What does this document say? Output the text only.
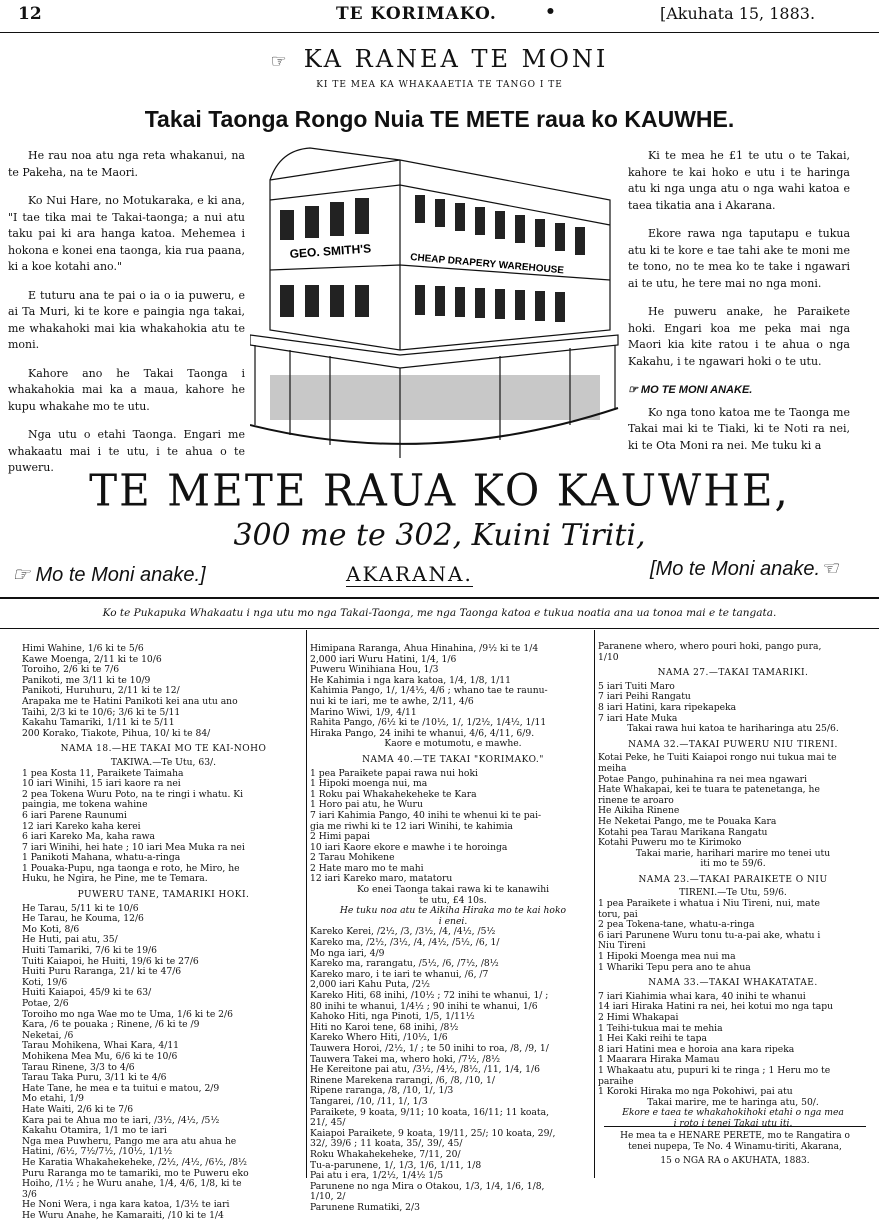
12	TE KORIMAKO.	•	[Akuhata 15, 1883.
☞ KA RANEA TE MONI
KI TE MEA KA WHAKAAETIA TE TANGO I TE
Takai Taonga Rongo Nuia TE METE raua ko KAUWHE.

He rau noa atu nga reta whakanui, na te Pakeha, na te Maori.

Ko Nui Hare, no Motukaraka, e ki ana, "I tae tika mai te Takai-taonga; a nui atu taku pai ki ara hanga katoa. Mehemea i hokona e konei ena taonga, kia rua paana, ki a koe kotahi ano."

E tuturu ana te pai o ia o ia puweru, e ai Ta Muri, ki te kore e paingia nga takai, me whakahoki mai kia whakahokia atu te moni.

Kahore ano he Takai Taonga i whakahokia mai ka a maua, kahore he kupu whakahe mo te utu.

Nga utu o etahi Taonga. Engari me whakaatu mai i te utu, i te ahua o te puweru.

GEO. SMITH'S
CHEAP DRAPERY WAREHOUSE

Ki te mea he £1 te utu o te Takai, kahore te kai hoko e utu i te haringa atu ki nga unga atu o nga wahi katoa e taea tikatia ana i Akarana.

Ekore rawa nga taputapu e tukua atu ki te kore e tae tahi ake te moni me te tono, no te mea ko te take i ngawari ai te utu, he tere mai no nga moni.

He puweru anake, he Paraikete hoki. Engari koa me peka mai nga Maori kia kite ratou i te ahua o nga Kakahu, i te ngawari hoki o te utu.

☞ MO TE MONI ANAKE.

Ko nga tono katoa me te Taonga me Takai mai ki te Tiaki, ki te Noti ra nei, ki te Ota Moni ra nei. Me tuku ki a

TE METE RAUA KO KAUWHE,
300 me te 302, Kuini Tiriti,
☞ Mo te Moni anake.]	AKARANA.	[Mo te Moni anake.☜
Ko te Pukapuka Whakaatu i nga utu mo nga Takai-Taonga, me nga Taonga katoa e tukua noatia ana ua tonoa mai e te tangata.
Himi Wahine, 1/6 ki te 5/6
Kawe Moenga, 2/11 ki te 10/6
Toroiho, 2/6 ki te 7/6
Panikoti, me 3/11 ki te 10/9
Panikoti, Huruhuru, 2/11 ki te 12/
Arapaka me te Hatini Panikoti kei ana utu ano
Taihi, 2/3 ki te 10/6; 3/6 ki te 5/11
Kakahu Tamariki, 1/11 ki te 5/11
200 Korako, Tiakote, Pihua, 10/ ki te 84/
NAMA 18.—HE TAKAI MO TE KAI-NOHO
TAKIWA.—Te Utu, 63/.
1 pea Kosta 11, Paraikete Taimaha
10 iari Winihi, 15 iari kaore ra nei
2 pea Tokena Wuru Poto, na te ringi i whatu. Ki
paingia, me tokena wahine
6 iari Parene Raunumi
12 iari Kareko kaha kerei
6 iari Kareko Ma, kaha rawa
7 iari Winihi, hei hate ; 10 iari Mea Muka ra nei
1 Panikoti Mahana, whatu-a-ringa
1 Pouaka-Pupu, nga taonga e roto, he Miro, he
Huku, he Ngira, he Pine, me te Temara.
PUWERU TANE, TAMARIKI HOKI.
He Tarau, 5/11 ki te 10/6
He Tarau, he Kouma, 12/6
Mo Koti, 8/6
He Huti, pai atu, 35/
Huiti Tamariki, 7/6 ki te 19/6
Tuiti Kaiapoi, he Huiti, 19/6 ki te 27/6
Huiti Puru Raranga, 21/ ki te 47/6
Koti, 19/6
Huiti Kaiapoi, 45/9 ki te 63/
Potae, 2/6
Toroiho mo nga Wae mo te Uma, 1/6 ki te 2/6
Kara, /6 te pouaka ; Rinene, /6 ki te /9
Neketai, /6
Tarau Mohikena, Whai Kara, 4/11
Mohikena Mea Mu, 6/6 ki te 10/6
Tarau Rinene, 3/3 to 4/6
Tarau Taka Puru, 3/11 ki te 4/6
Hate Tane, he mea e ta tuitui e matou, 2/9
Mo etahi, 1/9
Hate Waiti, 2/6 ki te 7/6
Kara pai te Ahua mo te iari, /3½, /4½, /5½
Kakahu Otamira, 1/1 mo te iari
Nga mea Puwheru, Pango me ara atu ahua he
Hatini, /6½, 7½/7½, /10½, 1/1½
He Karatia Whakahekeheke, /2½, /4½, /6½, /8½
Puru Raranga mo te tamariki, mo te Puweru eko
Hoiho, /1½ ; he Wuru anahe, 1/4, 4/6, 1/8, ki te
3/6
He Noni Wera, i nga kara katoa, 1/3½ te iari
He Wuru Anahe, he Kamaraiti, /10 ki te 1/4
Himipana Raranga, Ahua Hinahina, /9½ ki te 1/4
2,000 iari Wuru Hatini, 1/4, 1/6
Puweru Winihiana Hou, 1/3
He Kahimia i nga kara katoa, 1/4, 1/8, 1/11
Kahimia Pango, 1/, 1/4½, 4/6 ; whano tae te raunu-
nui ki te iari, me te awhe, 2/11, 4/6
Marino Wiwi, 1/9, 4/11
Rahita Pango, /6½ ki te /10½, 1/, 1/2½, 1/4½, 1/11
Hiraka Pango, 24 inihi te whanui, 4/6, 4/11, 6/9.
Kaore e motumotu, e mawhe.
NAMA 40.—TE TAKAI "KORIMAKO."
1 pea Paraikete papai rawa nui hoki
1 Hipoki moenga nui, ma
1 Roku pai Whakahekeheke te Kara
1 Horo pai atu, he Wuru
7 iari Kahimia Pango, 40 inihi te whenui ki te pai-
gia me riwhi ki te 12 iari Winihi, te kahimia
2 Himi papai
10 iari Kaore ekore e mawhe i te horoinga
2 Tarau Mohikene
2 Hate maro mo te mahi
12 iari Kareko maro, matatoru
Ko enei Taonga takai rawa ki te kanawihi
te utu, £4 10s.
He tuku noa atu te Aikiha Hiraka mo te kai hoko
i enei.
Kareko Kerei, /2½, /3, /3½, /4, /4½, /5½
Kareko ma, /2½, /3½, /4, /4½, /5½, /6, 1/
Mo nga iari, 4/9
Kareko ma, rarangatu, /5½, /6, /7½, /8½
Kareko maro, i te iari te whanui, /6, /7
2,000 iari Kahu Puta, /2½
Kareko Hiti, 68 inihi, /10½ ; 72 inihi te whanui, 1/ ;
80 inihi te whanui, 1/4½ ; 90 inihi te whanui, 1/6
Kahoko Hiti, nga Pinoti, 1/5, 1/11½
Hiti no Karoi tene, 68 inihi, /8½
Kareko Whero Hiti, /10½, 1/6
Tauwera Horoi, /2½, 1/ ; te 50 inihi to roa, /8, /9, 1/
Tauwera Takei ma, whero hoki, /7½, /8½
He Kereitone pai atu, /3½, /4½, /8½, /11, 1/4, 1/6
Rinene Marekena rarangi, /6, /8, /10, 1/
Ripene raranga, /8, /10, 1/, 1/3
Tangarei, /10, /11, 1/, 1/3
Paraikete, 9 koata, 9/11; 10 koata, 16/11; 11 koata,
21/, 45/
Kaiapoi Paraikete, 9 koata, 19/11, 25/; 10 koata, 29/,
32/, 39/6 ; 11 koata, 35/, 39/, 45/
Roku Whakahekeheke, 7/11, 20/
Tu-a-parunene, 1/, 1/3, 1/6, 1/11, 1/8
Pai atu i era, 1/2½, 1/4½ 1/5
Parunene no nga Mira o Otakou, 1/3, 1/4, 1/6, 1/8,
1/10, 2/
Parunene Rumatiki, 2/3
Paranene whero, whero pouri hoki, pango pura,
1/10
NAMA 27.—TAKAI TAMARIKI.
5 iari Tuiti Maro
7 iari Peihi Rangatu
8 iari Hatini, kara ripekapeka
7 iari Hate Muka
Takai rawa hui katoa te hariharinga atu 25/6.
NAMA 32.—TAKAI PUWERU NIU TIRENI.
Kotai Peke, he Tuiti Kaiapoi rongo nui tukua mai te
meiha
Potae Pango, puhinahina ra nei mea ngawari
Hate Whakapai, kei te tuara te patenetanga, he
rinene te aroaro
He Aikiha Rinene
He Neketai Pango, me te Pouaka Kara
Kotahi pea Tarau Marikana Rangatu
Kotahi Puweru mo te Kirimoko
Takai marie, harihari marire mo tenei utu
iti mo te 59/6.
NAMA 23.—TAKAI PARAIKETE O NIU
TIRENI.—Te Utu, 59/6.
1 pea Paraikete i whatua i Niu Tireni, nui, mate
toru, pai
2 pea Tokena-tane, whatu-a-ringa
6 iari Parunene Wuru tonu tu-a-pai ake, whatu i
Niu Tireni
1 Hipoki Moenga mea nui ma
1 Whariki Tepu pera ano te ahua
NAMA 33.—TAKAI WHAKATATAE.
7 iari Kiahimia whai kara, 40 inihi te whanui
14 iari Hiraka Hatini ra nei, hei kotui mo nga tapu
2 Himi Whakapai
1 Teihi-tukua mai te mehia
1 Hei Kaki reihi te tapa
8 iari Hatini mea e horoia ana kara ripeka
1 Maarara Hiraka Mamau
1 Whakaatu atu, pupuri ki te ringa ; 1 Heru mo te
paraihe
1 Koroki Hiraka mo nga Pokohiwi, pai atu
Takai marire, me te haringa atu, 50/.
Ekore e taea te whakahokihoki etahi o nga mea
i roto i tenei Takai utu iti.
He mea ta e HENARE PERETE, mo te Rangatira o
tenei nupepa, Te No. 4 Winamu-tiriti, Akarana,
15 o NGA RA o AKUHATA, 1883.
